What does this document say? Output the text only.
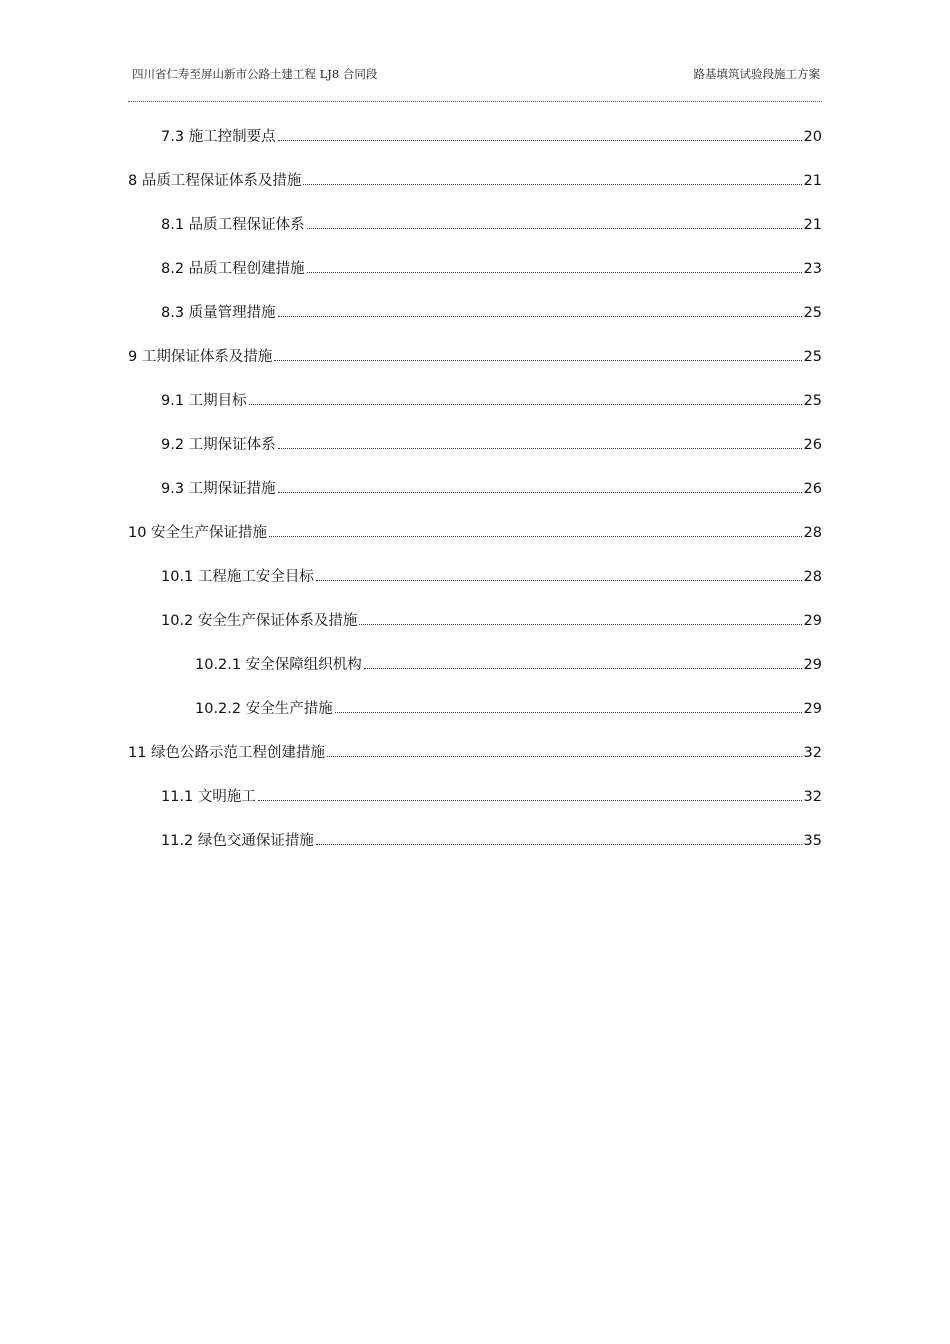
四川省仁寿至屏山新市公路土建工程 LJ8 合同段	路基填筑试验段施工方案
7.3 施工控制要点	20
8 品质工程保证体系及措施	21
8.1 品质工程保证体系	21
8.2 品质工程创建措施	23
8.3 质量管理措施	25
9 工期保证体系及措施	25
9.1 工期目标	25
9.2 工期保证体系	26
9.3 工期保证措施	26
10 安全生产保证措施	28
10.1 工程施工安全目标	28
10.2 安全生产保证体系及措施	29
10.2.1 安全保障组织机构	29
10.2.2 安全生产措施	29
11 绿色公路示范工程创建措施	32
11.1 文明施工	32
11.2 绿色交通保证措施	35
